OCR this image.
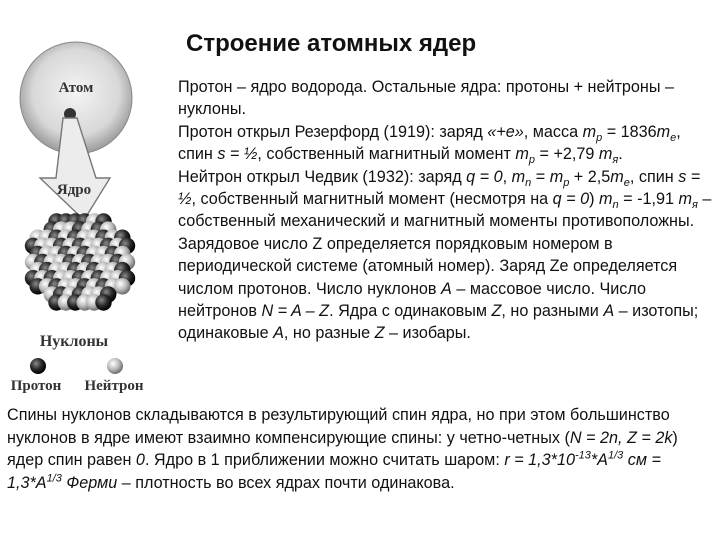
Строение атомных ядер
Атом
Ядро
Нуклоны
Протон Нейтрон

Протон – ядро водорода. Остальные ядра: протоны + нейтроны – нуклоны.

Протон открыл Резерфорд (1919): заряд «+e», масса $m_p = 1836m_e$, спин s = ½, собственный магнитный момент $m_p = +2,79$ $m_я$.

Нейтрон открыл Чедвик (1932): заряд q = 0, $m_n = m_p + 2,5m_e$, спин s = ½, собственный магнитный момент (несмотря на q = 0) $m_n = -1,91$ $m_я$ – собственный механический и магнитный моменты противоположны.

Зарядовое число Z определяется порядковым номером в периодической системе (атомный номер). Заряд Ze определяется числом протонов. Число нуклонов A – массовое число. Число нейтронов N = A – Z. Ядра с одинаковым Z, но разными A – изотопы; одинаковые A, но разные Z – изобары.

Спины нуклонов складываются в результирующий спин ядра, но при этом большинство нуклонов в ядре имеют взаимно компенсирующие спины: у четно-четных (N = 2n, Z = 2k) ядер спин равен 0. Ядро в 1 приближении можно считать шаром: $r = 1,3*10^{-13}*A^{1/3}$ см = $1,3*A^{1/3}$ Ферми – плотность во всех ядрах почти одинакова.
